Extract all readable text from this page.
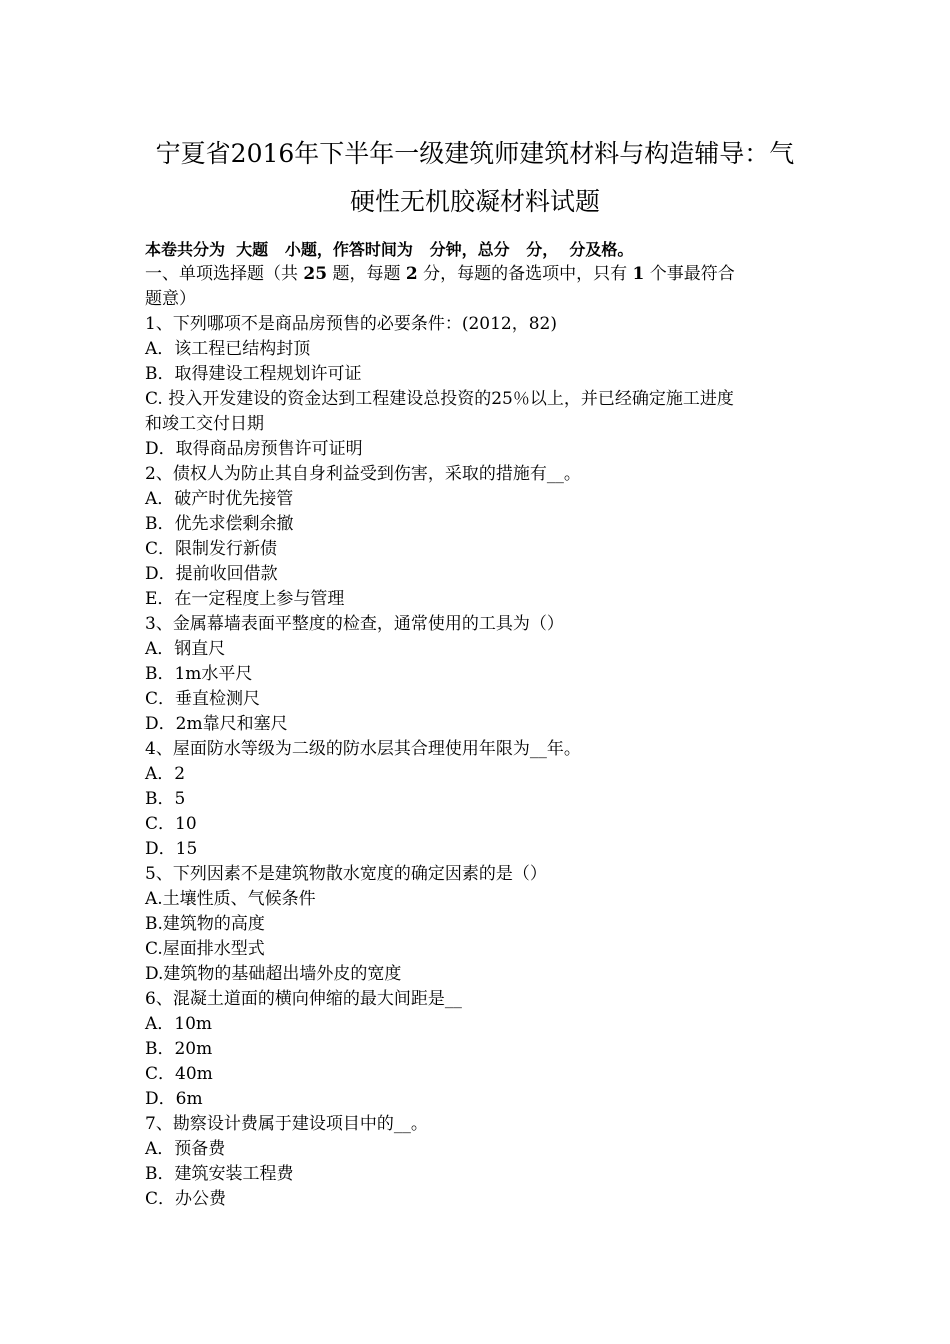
宁夏省2016年下半年一级建筑师建筑材料与构造辅导：气
硬性无机胶凝材料试题
本卷共分为  大题   小题，作答时间为   分钟，总分   分，  分及格。
一、单项选择题（共 25 题，每题 2 分，每题的备选项中，只有 1 个事最符合
题意）
1、下列哪项不是商品房预售的必要条件：(2012，82)
A．该工程已结构封顶
B．取得建设工程规划许可证
C. 投入开发建设的资金达到工程建设总投资的25％以上，并已经确定施工进度
和竣工交付日期
D．取得商品房预售许可证明
2、债权人为防止其自身利益受到伤害，采取的措施有__。
A．破产时优先接管
B．优先求偿剩余撤
C．限制发行新债
D．提前收回借款
E．在一定程度上参与管理
3、金属幕墙表面平整度的检查，通常使用的工具为（）
A．钢直尺
B．1m水平尺
C．垂直检测尺
D．2m靠尺和塞尺
4、屋面防水等级为二级的防水层其合理使用年限为__年。
A．2
B．5
C．10
D．15
5、下列因素不是建筑物散水宽度的确定因素的是（）
A.土壤性质、气候条件
B.建筑物的高度
C.屋面排水型式
D.建筑物的基础超出墙外皮的宽度
6、混凝土道面的横向伸缩的最大间距是__
A．10m
B．20m
C．40m
D．6m
7、勘察设计费属于建设项目中的__。
A．预备费
B．建筑安装工程费
C．办公费
